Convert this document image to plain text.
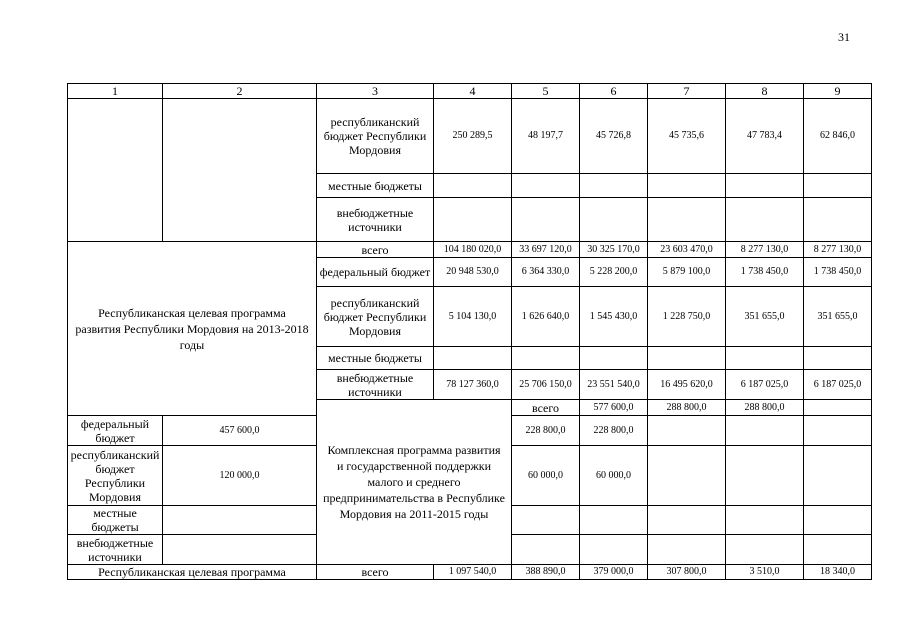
31
1	2	3	4	5	6	7	8	9	
		республиканский бюджет Республики Мордовия	250 289,5	48 197,7	45 726,8	45 735,6	47 783,4	62 846,0	
		местные бюджеты							
		внебюджетные источники							
Республиканская целевая программа развития Республики Мордовия на 2013-2018 годы		всего	104 180 020,0	33 697 120,0	30 325 170,0	23 603 470,0	8 277 130,0	8 277 130,0	
		федеральный бюджет	20 948 530,0	6 364 330,0	5 228 200,0	5 879 100,0	1 738 450,0	1 738 450,0	
		республиканский бюджет Республики Мордовия	5 104 130,0	1 626 640,0	1 545 430,0	1 228 750,0	351 655,0	351 655,0	
		местные бюджеты							
		внебюджетные источники	78 127 360,0	25 706 150,0	23 551 540,0	16 495 620,0	6 187 025,0	6 187 025,0	
		Комплексная программа развития и государственной поддержки малого и среднего предпринимательства в Республике Мордовия на 2011-2015 годы		всего	577 600,0	288 800,0	288 800,0			
федеральный бюджет	457 600,0			228 800,0	228 800,0				
республиканский бюджет Республики Мордовия	120 000,0			60 000,0	60 000,0				
местные бюджеты									
внебюджетные источники									
Республиканская целевая программа		всего	1 097 540,0	388 890,0	379 000,0	307 800,0	3 510,0	18 340,0	
